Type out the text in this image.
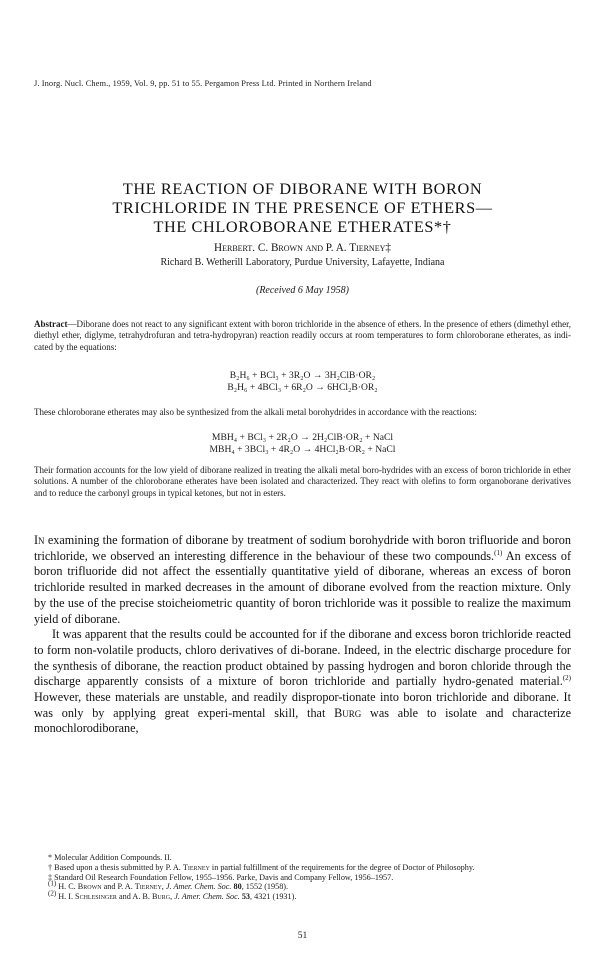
J. Inorg. Nucl. Chem., 1959, Vol. 9, pp. 51 to 55. Pergamon Press Ltd. Printed in Northern Ireland
THE REACTION OF DIBORANE WITH BORON
TRICHLORIDE IN THE PRESENCE OF ETHERS—
THE CHLOROBORANE ETHERATES*†
Herbert. C. Brown and P. A. Tierney‡
Richard B. Wetherill Laboratory, Purdue University, Lafayette, Indiana
(Received 6 May 1958)

Abstract—Diborane does not react to any significant extent with boron trichloride in the absence of ethers. In the presence of ethers (dimethyl ether, diethyl ether, diglyme, tetrahydrofuran and tetra-hydropyran) reaction readily occurs at room temperatures to form chloroborane etherates, as indi-cated by the equations:

B₂H₆ + BCl₃ + 3R₂O → 3H₂ClB·OR₂
B₂H₆ + 4BCl₃ + 6R₂O → 6HCl₂B·OR₂

These chloroborane etherates may also be synthesized from the alkali metal borohydrides in accordance with the reactions:

MBH₄ + BCl₃ + 2R₂O → 2H₂ClB·OR₂ + NaCl
MBH₄ + 3BCl₃ + 4R₂O → 4HCl₂B·OR₂ + NaCl

Their formation accounts for the low yield of diborane realized in treating the alkali metal boro-hydrides with an excess of boron trichloride in ether solutions. A number of the chloroborane etherates have been isolated and characterized. They react with olefins to form organoborane derivatives and to reduce the carbonyl groups in typical ketones, but not in esters.

In examining the formation of diborane by treatment of sodium borohydride with boron trifluoride and boron trichloride, we observed an interesting difference in the behaviour of these two compounds.$^{(1)}$ An excess of boron trifluoride did not affect the essentially quantitative yield of diborane, whereas an excess of boron trichloride resulted in marked decreases in the amount of diborane evolved from the reaction mixture. Only by the use of the precise stoicheiometric quantity of boron trichloride was it possible to realize the maximum yield of diborane.

It was apparent that the results could be accounted for if the diborane and excess boron trichloride reacted to form non-volatile products, chloro derivatives of di-borane. Indeed, in the electric discharge procedure for the synthesis of diborane, the reaction product obtained by passing hydrogen and boron chloride through the discharge apparently consists of a mixture of boron trichloride and partially hydro-genated material.$^{(2)}$ However, these materials are unstable, and readily dispropor-tionate into boron trichloride and diborane. It was only by applying great experi-mental skill, that Burg was able to isolate and characterize monochlorodiborane,

* Molecular Addition Compounds. II.
† Based upon a thesis submitted by P. A. Tierney in partial fulfillment of the requirements for the degree of Doctor of Philosophy.
‡ Standard Oil Research Foundation Fellow, 1955–1956. Parke, Davis and Company Fellow, 1956–1957.
$^{(1)}$ H. C. Brown and P. A. Tierney, J. Amer. Chem. Soc. 80, 1552 (1958).
$^{(2)}$ H. I. Schlesinger and A. B. Burg, J. Amer. Chem. Soc. 53, 4321 (1931).
51
